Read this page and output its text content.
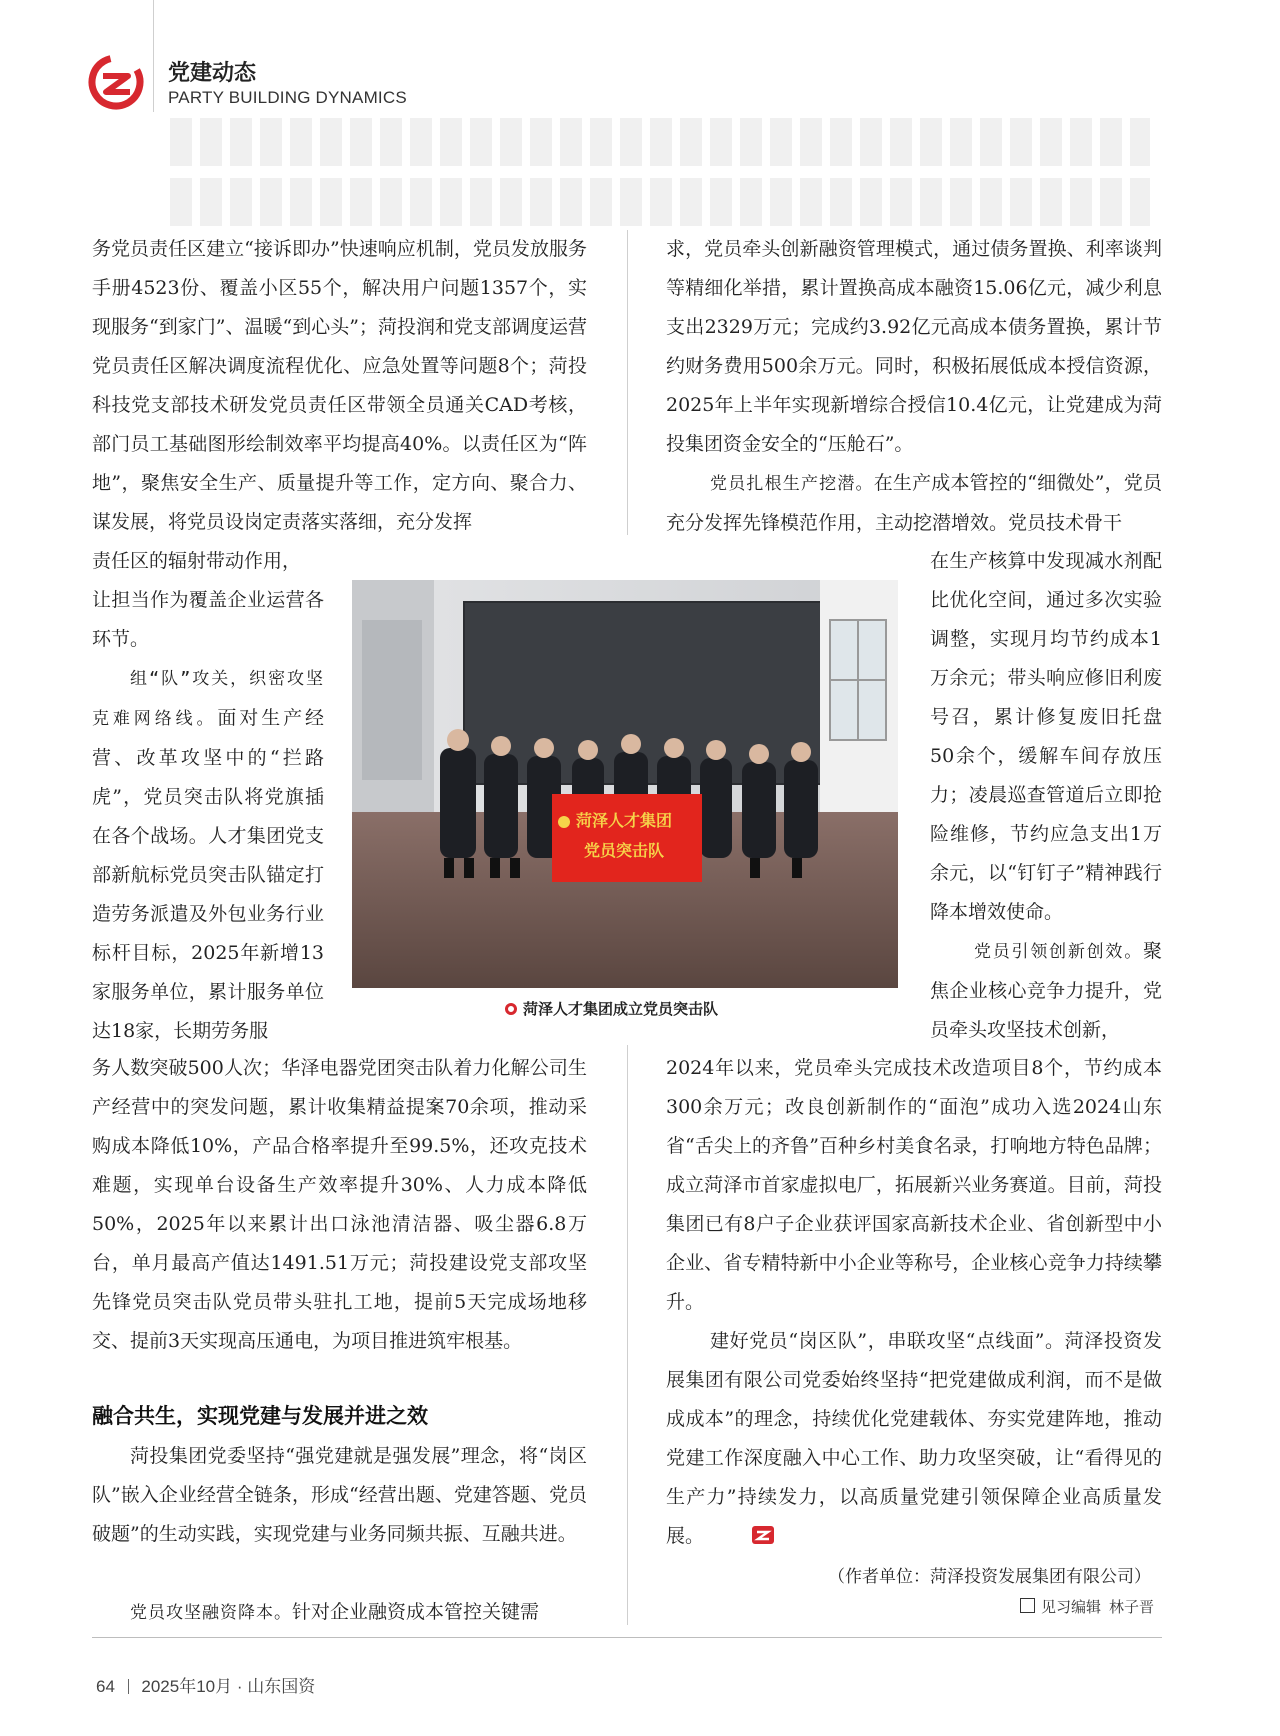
党建动态
PARTY BUILDING DYNAMICS

务党员责任区建立“接诉即办”快速响应机制，党员发放服务手册4523份、覆盖小区55个，解决用户问题1357个，实现服务“到家门”、温暖“到心头”；菏投润和党支部调度运营党员责任区解决调度流程优化、应急处置等问题8个；菏投科技党支部技术研发党员责任区带领全员通关CAD考核，部门员工基础图形绘制效率平均提高40%。以责任区为“阵地”，聚焦安全生产、质量提升等工作，定方向、聚合力、谋发展，将党员设岗定责落实落细，充分发挥

责任区的辐射带动作用，

让担当作为覆盖企业运营各环节。

组“队”攻关，织密攻坚克难网络线。面对生产经营、改革攻坚中的“拦路虎”，党员突击队将党旗插在各个战场。人才集团党支部新航标党员突击队锚定打造劳务派遣及外包业务行业标杆目标，2025年新增13家服务单位，累计服务单位达18家，长期劳务服

务人数突破500人次；华泽电器党团突击队着力化解公司生产经营中的突发问题，累计收集精益提案70余项，推动采购成本降低10%，产品合格率提升至99.5%，还攻克技术难题，实现单台设备生产效率提升30%、人力成本降低50%，2025年以来累计出口泳池清洁器、吸尘器6.8万台，单月最高产值达1491.51万元；菏投建设党支部攻坚先锋党员突击队党员带头驻扎工地，提前5天完成场地移交、提前3天实现高压通电，为项目推进筑牢根基。

融合共生，实现党建与发展并进之效

菏投集团党委坚持“强党建就是强发展”理念，将“岗区队”嵌入企业经营全链条，形成“经营出题、党建答题、党员破题”的生动实践，实现党建与业务同频共振、互融共进。

党员攻坚融资降本。针对企业融资成本管控关键需

求，党员牵头创新融资管理模式，通过债务置换、利率谈判等精细化举措，累计置换高成本融资15.06亿元，减少利息支出2329万元；完成约3.92亿元高成本债务置换，累计节约财务费用500余万元。同时，积极拓展低成本授信资源，2025年上半年实现新增综合授信10.4亿元，让党建成为菏投集团资金安全的“压舱石”。

党员扎根生产挖潜。在生产成本管控的“细微处”，党员充分发挥先锋模范作用，主动挖潜增效。党员技术骨干

在生产核算中发现减水剂配比优化空间，通过多次实验调整，实现月均节约成本1万余元；带头响应修旧利废号召，累计修复废旧托盘50余个，缓解车间存放压力；凌晨巡查管道后立即抢险维修，节约应急支出1万余元，以“钉钉子”精神践行降本增效使命。

党员引领创新创效。聚焦企业核心竞争力提升，党员牵头攻坚技术创新，

2024年以来，党员牵头完成技术改造项目8个，节约成本300余万元；改良创新制作的“面泡”成功入选2024山东省“舌尖上的齐鲁”百种乡村美食名录，打响地方特色品牌；成立菏泽市首家虚拟电厂，拓展新兴业务赛道。目前，菏投集团已有8户子企业获评国家高新技术企业、省创新型中小企业、省专精特新中小企业等称号，企业核心竞争力持续攀升。

建好党员“岗区队”，串联攻坚“点线面”。菏泽投资发展集团有限公司党委始终坚持“把党建做成利润，而不是做成成本”的理念，持续优化党建载体、夯实党建阵地，推动党建工作深度融入中心工作、助力攻坚突破，让“看得见的生产力”持续发力，以高质量党建引领保障企业高质量发展。

（作者单位：菏泽投资发展集团有限公司）
见习编辑 林子晋
菏泽人才集团
党员突击队
菏泽人才集团成立党员突击队
64 2025年10月 · 山东国资
